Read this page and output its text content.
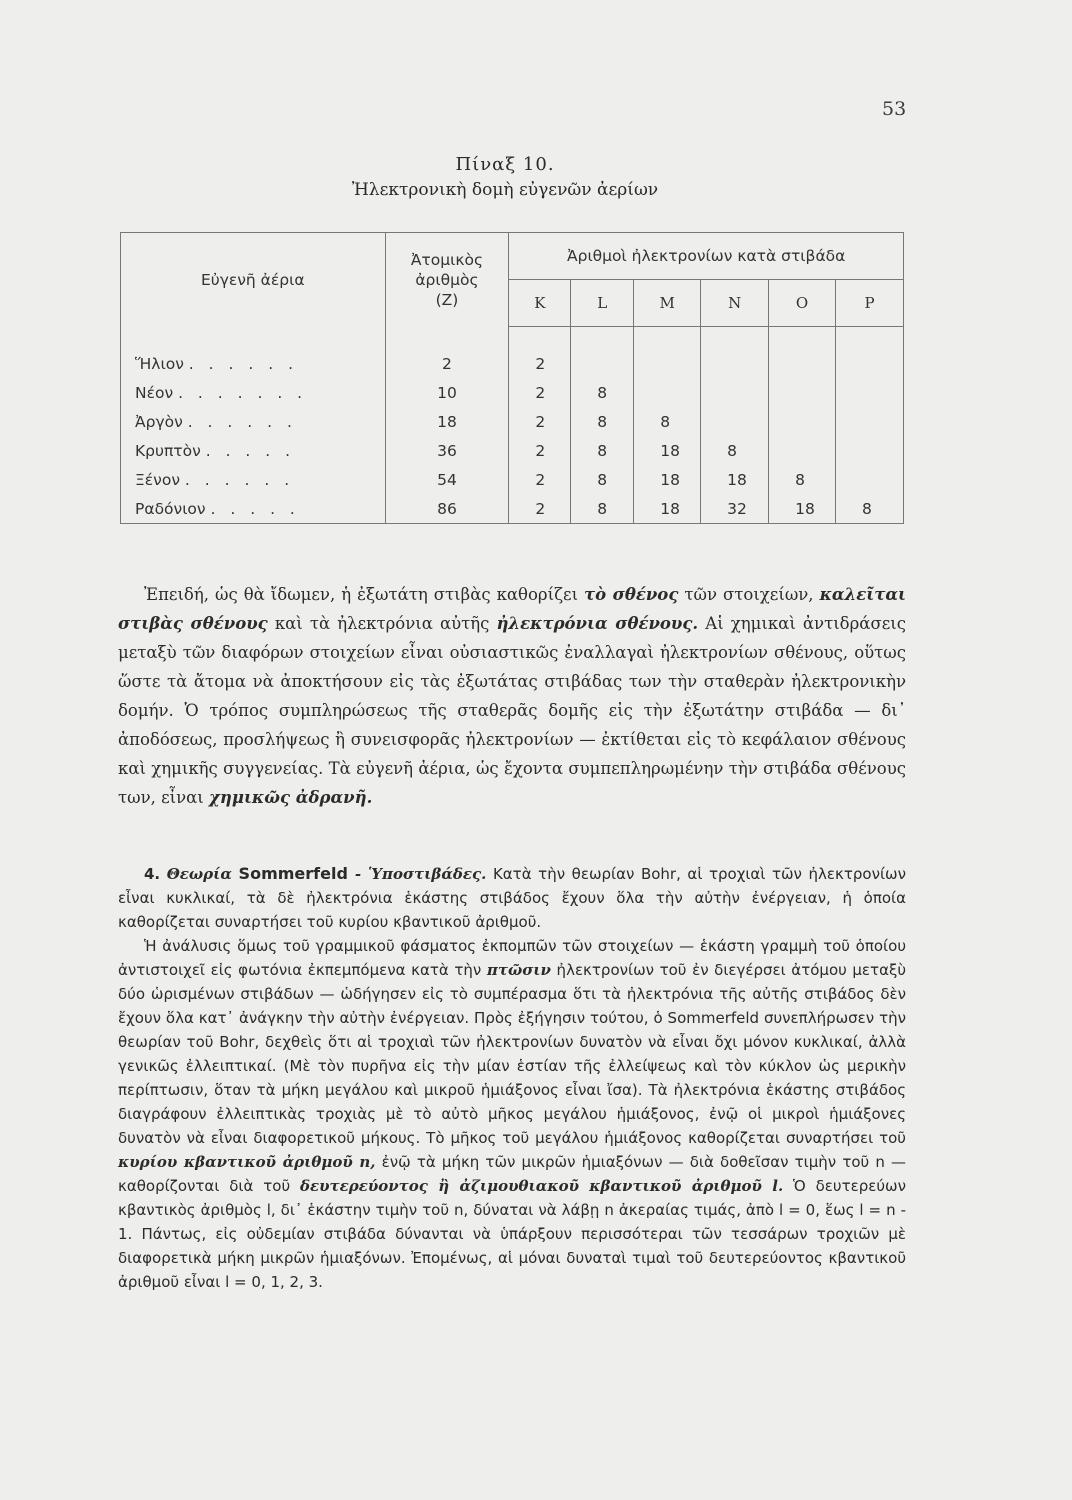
53
Πίναξ 10.
Ἠλεκτρονικὴ δομὴ εὐγενῶν ἀερίων
Εὐγενῆ ἀέρια	Ἀτομικὸς
ἀριθμὸς
(Ζ)	Ἀριθμοὶ ἠλεκτρονίων κατὰ στιβάδα					
		Κ	L	Μ	Ν	Ο	Ρ

Ἥλιον . . . . . .	2	2					
Νέον . . . . . . .	10	2	8				
Ἀργὸν . . . . . .	18	2	8	8			
Κρυπτὸν . . . . .	36	2	8	18	8		
Ξένον . . . . . .	54	2	8	18	18	8	
Ραδόνιον . . . . .	86	2	8	18	32	18	8

Ἐπειδή, ὡς θὰ ἴδωμεν, ἡ ἐξωτάτη στιβὰς καθορίζει τὸ σθένος τῶν στοιχείων, καλεῖται στιβὰς σθένους καὶ τὰ ἠλεκτρόνια αὐτῆς ἠλεκτρόνια σθένους. Αἱ χημικαὶ ἀντιδράσεις μεταξὺ τῶν διαφόρων στοιχείων εἶναι οὐσιαστικῶς ἐναλλαγαὶ ἠλεκτρονίων σθένους, οὕτως ὥστε τὰ ἄτομα νὰ ἀποκτήσουν εἰς τὰς ἐξωτάτας στιβάδας των τὴν σταθερὰν ἠλεκτρονικὴν δομήν. Ὁ τρόπος συμπληρώσεως τῆς σταθερᾶς δομῆς εἰς τὴν ἐξωτάτην στιβάδα — δι᾿ ἀποδόσεως, προσλήψεως ἢ συνεισφορᾶς ἠλεκτρονίων — ἐκτίθεται εἰς τὸ κεφάλαιον σθένους καὶ χημικῆς συγγενείας. Τὰ εὐγενῆ ἀέρια, ὡς ἔχοντα συμπεπληρωμένην τὴν στιβάδα σθένους των, εἶναι χημικῶς ἀδρανῆ.

4. Θεωρία Sommerfeld - Ὑποστιβάδες. Κατὰ τὴν θεωρίαν Bohr, αἱ τροχιαὶ τῶν ἠλεκτρονίων εἶναι κυκλικαί, τὰ δὲ ἠλεκτρόνια ἑκάστης στιβάδος ἔχουν ὅλα τὴν αὐτὴν ἐνέργειαν, ἡ ὁποία καθορίζεται συναρτήσει τοῦ κυρίου κβαντικοῦ ἀριθμοῦ.

Ἡ ἀνάλυσις ὅμως τοῦ γραμμικοῦ φάσματος ἐκπομπῶν τῶν στοιχείων — ἑκάστη γραμμὴ τοῦ ὁποίου ἀντιστοιχεῖ εἰς φωτόνια ἐκπεμπόμενα κατὰ τὴν πτῶσιν ἠλεκτρονίων τοῦ ἐν διεγέρσει ἀτόμου μεταξὺ δύο ὡρισμένων στιβάδων — ὡδήγησεν εἰς τὸ συμπέρασμα ὅτι τὰ ἠλεκτρόνια τῆς αὐτῆς στιβάδος δὲν ἔχουν ὅλα κατ᾿ ἀνάγκην τὴν αὐτὴν ἐνέργειαν. Πρὸς ἐξήγησιν τούτου, ὁ Sommerfeld συνεπλήρωσεν τὴν θεωρίαν τοῦ Bohr, δεχθεὶς ὅτι αἱ τροχιαὶ τῶν ἠλεκτρονίων δυνατὸν νὰ εἶναι ὄχι μόνον κυκλικαί, ἀλλὰ γενικῶς ἐλλειπτικαί. (Μὲ τὸν πυρῆνα εἰς τὴν μίαν ἑστίαν τῆς ἐλλείψεως καὶ τὸν κύκλον ὡς μερικὴν περίπτωσιν, ὅταν τὰ μήκη μεγάλου καὶ μικροῦ ἡμιάξονος εἶναι ἴσα). Τὰ ἠλεκτρόνια ἑκάστης στιβάδος διαγράφουν ἐλλειπτικὰς τροχιὰς μὲ τὸ αὐτὸ μῆκος μεγάλου ἡμιάξονος, ἐνῷ οἱ μικροὶ ἡμιάξονες δυνατὸν νὰ εἶναι διαφορετικοῦ μήκους. Τὸ μῆκος τοῦ μεγάλου ἡμιάξονος καθορίζεται συναρτήσει τοῦ κυρίου κβαντικοῦ ἀριθμοῦ n, ἐνῷ τὰ μήκη τῶν μικρῶν ἡμιαξόνων — διὰ δοθεῖσαν τιμὴν τοῦ n — καθορίζονται διὰ τοῦ δευτερεύοντος ἢ ἀζιμουθιακοῦ κβαντικοῦ ἀριθμοῦ l. Ὁ δευτερεύων κβαντικὸς ἀριθμὸς l, δι᾿ ἑκάστην τιμὴν τοῦ n, δύναται νὰ λάβῃ n ἀκεραίας τιμάς, ἀπὸ l = 0, ἕως l = n - 1. Πάντως, εἰς οὐδεμίαν στιβάδα δύνανται νὰ ὑπάρξουν περισσότεραι τῶν τεσσάρων τροχιῶν μὲ διαφορετικὰ μήκη μικρῶν ἡμιαξόνων. Ἐπομένως, αἱ μόναι δυναταὶ τιμαὶ τοῦ δευτερεύοντος κβαντικοῦ ἀριθμοῦ εἶναι l = 0, 1, 2, 3.
